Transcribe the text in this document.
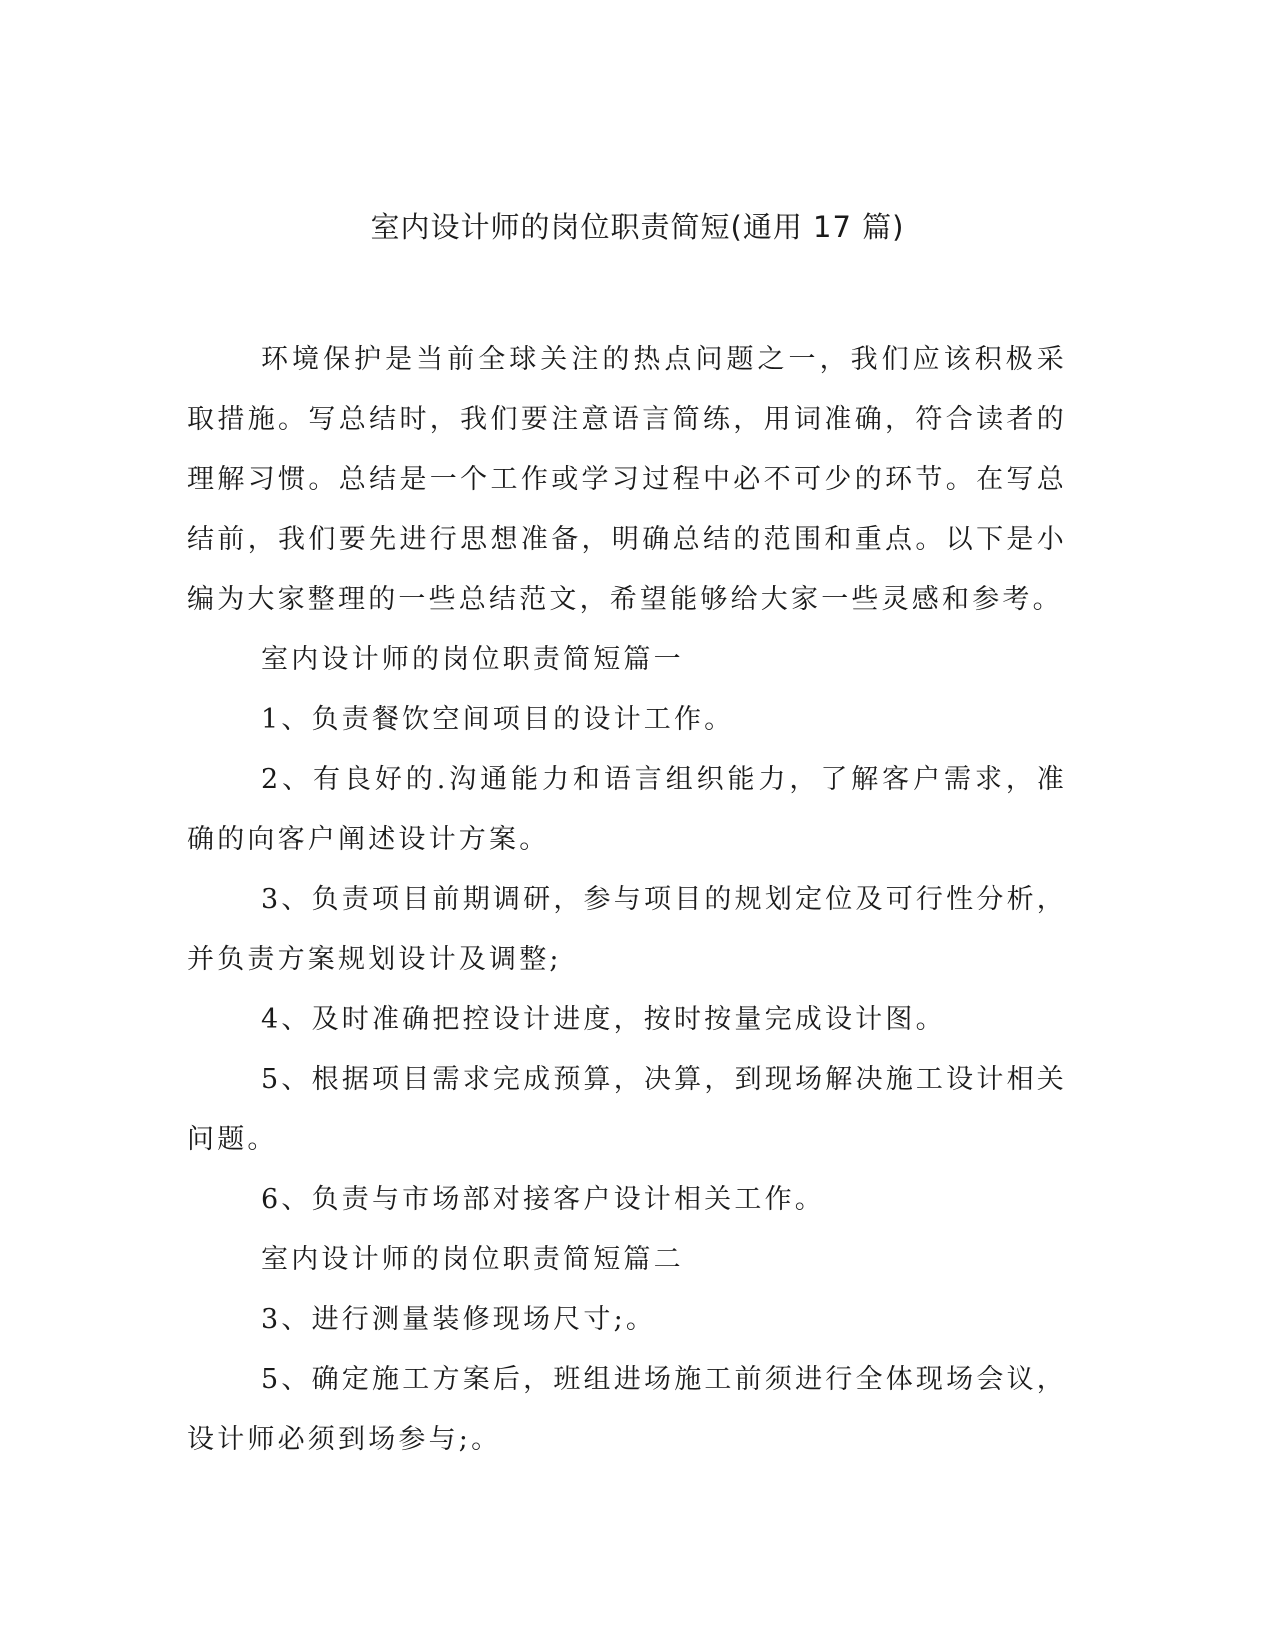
室内设计师的岗位职责简短(通用 17 篇)

环境保护是当前全球关注的热点问题之一，我们应该积极采取措施。写总结时，我们要注意语言简练，用词准确，符合读者的理解习惯。总结是一个工作或学习过程中必不可少的环节。在写总结前，我们要先进行思想准备，明确总结的范围和重点。以下是小编为大家整理的一些总结范文，希望能够给大家一些灵感和参考。

室内设计师的岗位职责简短篇一

1、负责餐饮空间项目的设计工作。

2、有良好的.沟通能力和语言组织能力，了解客户需求，准确的向客户阐述设计方案。

3、负责项目前期调研，参与项目的规划定位及可行性分析，并负责方案规划设计及调整;

4、及时准确把控设计进度，按时按量完成设计图。

5、根据项目需求完成预算，决算，到现场解决施工设计相关问题。

6、负责与市场部对接客户设计相关工作。

室内设计师的岗位职责简短篇二

3、进行测量装修现场尺寸;。

5、确定施工方案后，班组进场施工前须进行全体现场会议，设计师必须到场参与;。
